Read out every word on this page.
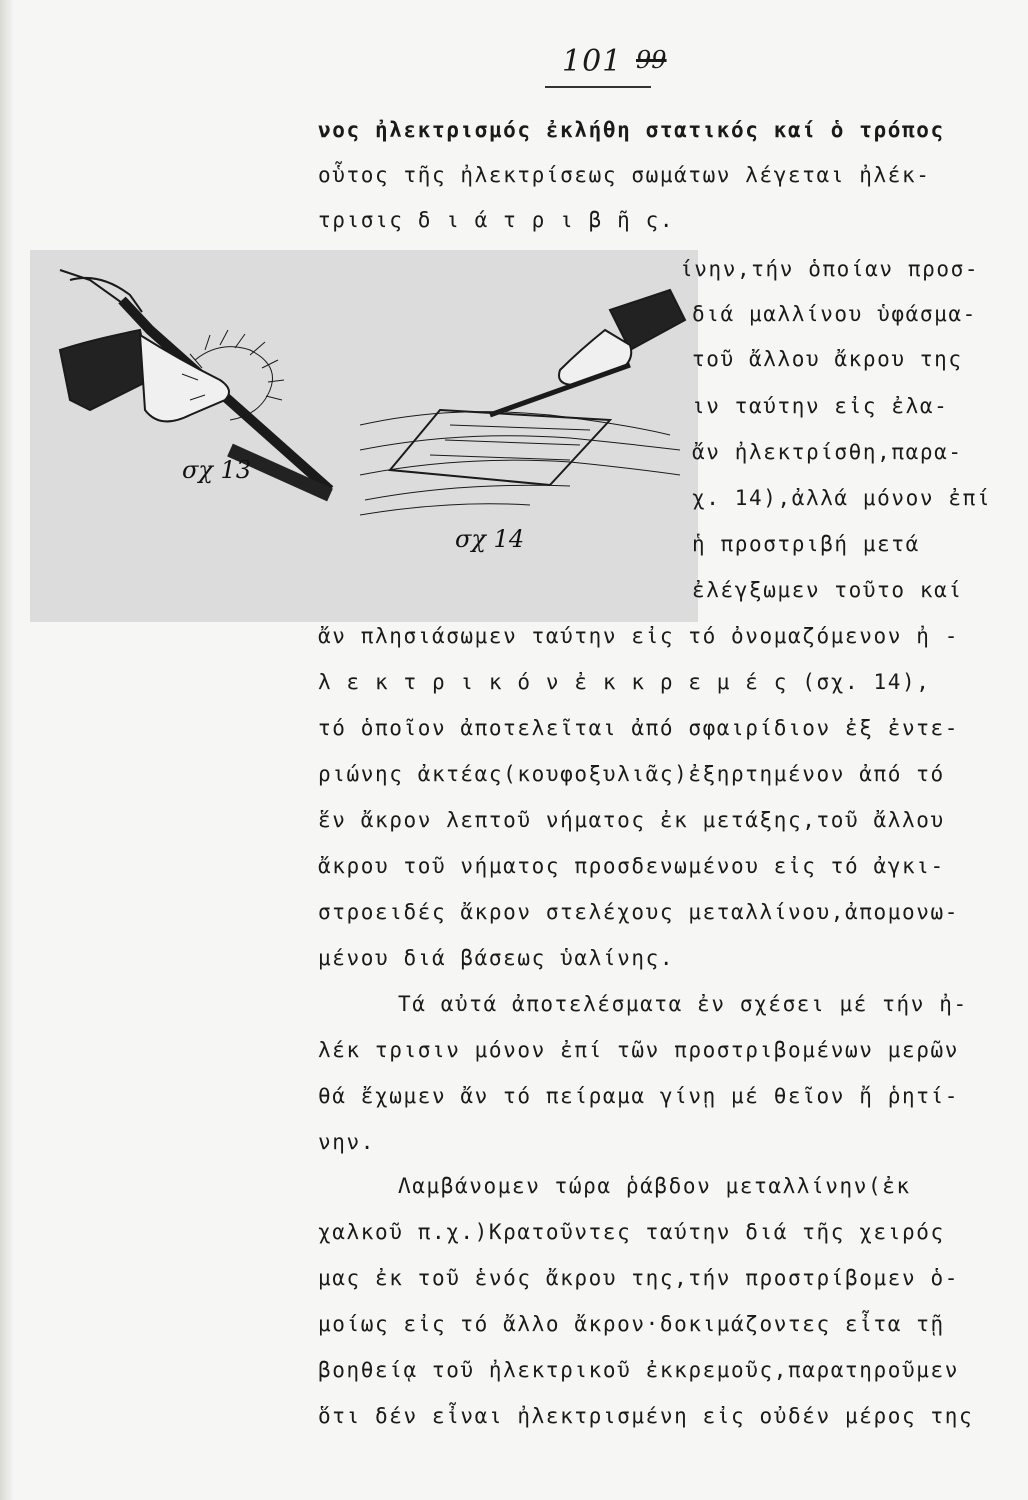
101 99
νος ἠλεκτρισμός ἐκλήθη στατικός καί ὁ τρόπος
οὗτος τῆς ἠλεκτρίσεως σωμάτων λέγεται ἠλέκ-
τρισις δ ι ά τ ρ ι β ῆ ς.
σχ 13
σχ 14
ίνην,τήν ὁποίαν προσ-
διά μαλλίνου ὑφάσμα-
τοῦ ἄλλου ἄκρου της
ιν ταύτην εἰς ἐλα-
ἄν ἠλεκτρίσθη,παρα-
χ. 14),ἀλλά μόνον ἐπί
ἡ προστριβή μετά
ἐλέγξωμεν τοῦτο καί
ἄν πλησιάσωμεν ταύτην εἰς τό ὀνομαζόμενον ἠ -
λ ε κ τ ρ ι κ ό ν ἐ κ κ ρ ε μ έ ς (σχ. 14),
τό ὁποῖον ἀποτελεῖται ἀπό σφαιρίδιον ἐξ ἐντε-
ριώνης ἀκτέας(κουφοξυλιᾶς)ἐξηρτημένον ἀπό τό
ἕν ἄκρον λεπτοῦ νήματος ἐκ μετάξης,τοῦ ἄλλου
ἄκρου τοῦ νήματος προσδενωμένου εἰς τό ἀγκι-
στροειδές ἄκρον στελέχους μεταλλίνου,ἀπομονω-
μένου διά βάσεως ὑαλίνης.
Τά αὐτά ἀποτελέσματα ἐν σχέσει μέ τήν ἠ-
λέκ τρισιν μόνον ἐπί τῶν προστριβομένων μερῶν
θά ἔχωμεν ἄν τό πείραμα γίνῃ μέ θεῖον ἤ ῥητί-
νην.
Λαμβάνομεν τώρα ῥάβδον μεταλλίνην(ἐκ
χαλκοῦ π.χ.)Κρατοῦντες ταύτην διά τῆς χειρός
μας ἐκ τοῦ ἑνός ἄκρου της,τήν προστρίβομεν ὁ-
μοίως εἰς τό ἄλλο ἄκρον·δοκιμάζοντες εἶτα τῇ
βοηθείᾳ τοῦ ἠλεκτρικοῦ ἐκκρεμοῦς,παρατηροῦμεν
ὅτι δέν εἶναι ἠλεκτρισμένη εἰς οὐδέν μέρος της
